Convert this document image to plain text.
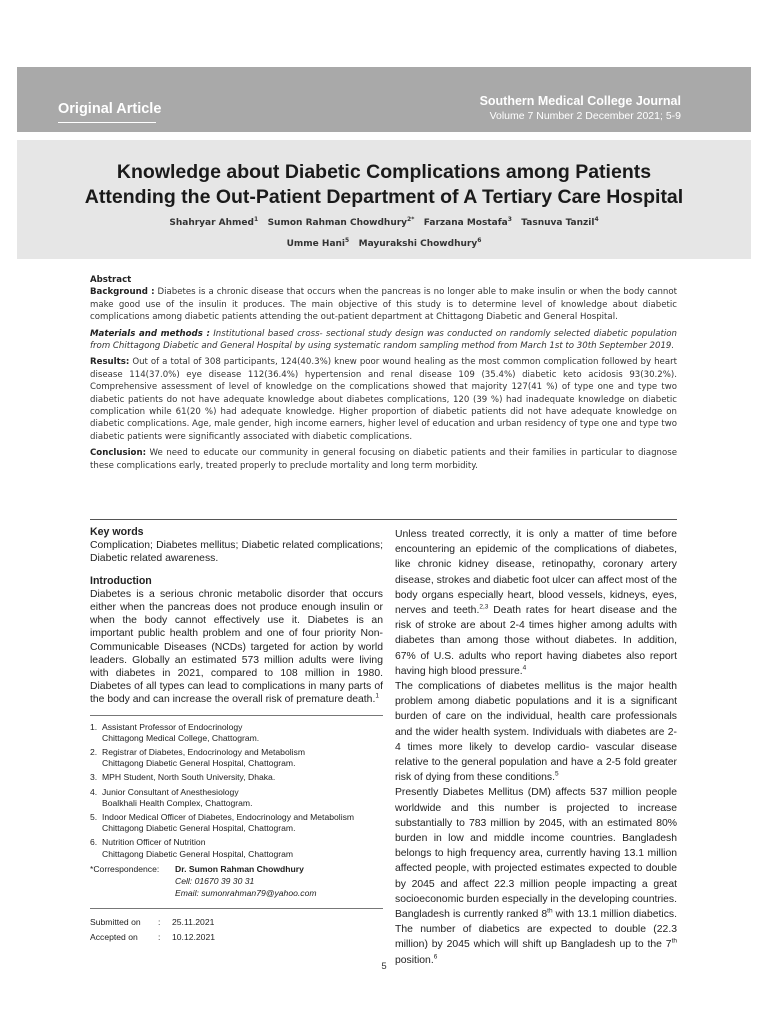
Original Article	Southern Medical College Journal
Volume 7 Number 2 December 2021; 5-9
Knowledge about Diabetic Complications among Patients
Attending the Out-Patient Department of A Tertiary Care Hospital
Shahryar Ahmed$^1$ Sumon Rahman Chowdhury$^{2*}$ Farzana Mostafa$^3$ Tasnuva Tanzil$^4$
Umme Hani$^5$ Mayurakshi Chowdhury$^6$

Abstract

Background : Diabetes is a chronic disease that occurs when the pancreas is no longer able to make insulin or when the body cannot make good use of the insulin it produces. The main objective of this study is to determine level of knowledge about diabetic complications among diabetic patients attending the out-patient department at Chittagong Diabetic and General Hospital.

Materials and methods : Institutional based cross- sectional study design was conducted on randomly selected diabetic population from Chittagong Diabetic and General Hospital by using systematic random sampling method from March 1st to 30th September 2019.

Results: Out of a total of 308 participants, 124(40.3%) knew poor wound healing as the most common complication followed by heart disease 114(37.0%) eye disease 112(36.4%) hypertension and renal disease 109 (35.4%) diabetic keto acidosis 93(30.2%). Comprehensive assessment of level of knowledge on the complications showed that majority 127(41 %) of type one and type two diabetic patients do not have adequate knowledge about diabetes complications, 120 (39 %) had inadequate knowledge on diabetic complication while 61(20 %) had adequate knowledge. Higher proportion of diabetic patients did not have adequate knowledge on diabetic complications. Age, male gender, high income earners, higher level of education and urban residency of type one and type two diabetic patients were significantly associated with diabetic complications.

Conclusion: We need to educate our community in general focusing on diabetic patients and their families in particular to diagnose these complications early, treated properly to preclude mortality and long term morbidity.

Key words
Complication; Diabetes mellitus; Diabetic related complications; Diabetic related awareness.
Introduction
Diabetes is a serious chronic metabolic disorder that occurs either when the pancreas does not produce enough insulin or when the body cannot effectively use it. Diabetes is an important public health problem and one of four priority Non-Communicable Diseases (NCDs) targeted for action by world leaders. Globally an estimated 573 million adults were living with diabetes in 2021, compared to 108 million in 1980. Diabetes of all types can lead to complications in many parts of the body and can increase the overall risk of premature death.$^1$
1. Assistant Professor of Endocrinology
Chittagong Medical College, Chattogram.
2. Registrar of Diabetes, Endocrinology and Metabolism
Chittagong Diabetic General Hospital, Chattogram.
3. MPH Student, North South University, Dhaka.
4. Junior Consultant of Anesthesiology
Boalkhali Health Complex, Chattogram.
5. Indoor Medical Officer of Diabetes, Endocrinology and Metabolism
Chittagong Diabetic General Hospital, Chattogram.
6. Nutrition Officer of Nutrition
Chittagong Diabetic General Hospital, Chattogram
*Correspondence:	Dr. Sumon Rahman Chowdhury
Cell: 01670 39 30 31
Email: sumonrahman79@yahoo.com
Submitted on	:	25.11.2021
Accepted on	:	10.12.2021

Unless treated correctly, it is only a matter of time before encountering an epidemic of the complications of diabetes, like chronic kidney disease, retinopathy, coronary artery disease, strokes and diabetic foot ulcer can affect most of the body organs especially heart, blood vessels, kidneys, eyes, nerves and teeth.$^{2,3}$ Death rates for heart disease and the risk of stroke are about 2-4 times higher among adults with diabetes than among those without diabetes. In addition, 67% of U.S. adults who report having diabetes also report having high blood pressure.$^4$

The complications of diabetes mellitus is the major health problem among diabetic populations and it is a significant burden of care on the individual, health care professionals and the wider health system. Individuals with diabetes are 2-4 times more likely to develop cardio- vascular disease relative to the general population and have a 2-5 fold greater risk of dying from these conditions.$^5$

Presently Diabetes Mellitus (DM) affects 537 million people worldwide and this number is projected to increase substantially to 783 million by 2045, with an estimated 80% burden in low and middle income countries. Bangladesh belongs to high frequency area, currently having 13.1 million affected people, with projected estimates expected to double by 2045 and affect 22.3 million people impacting a great socioeconomic burden especially in the developing countries. Bangladesh is currently ranked 8th with 13.1 million diabetics. The number of diabetics are expected to double (22.3 million) by 2045 which will shift up Bangladesh up to the 7th position.$^6$

5
